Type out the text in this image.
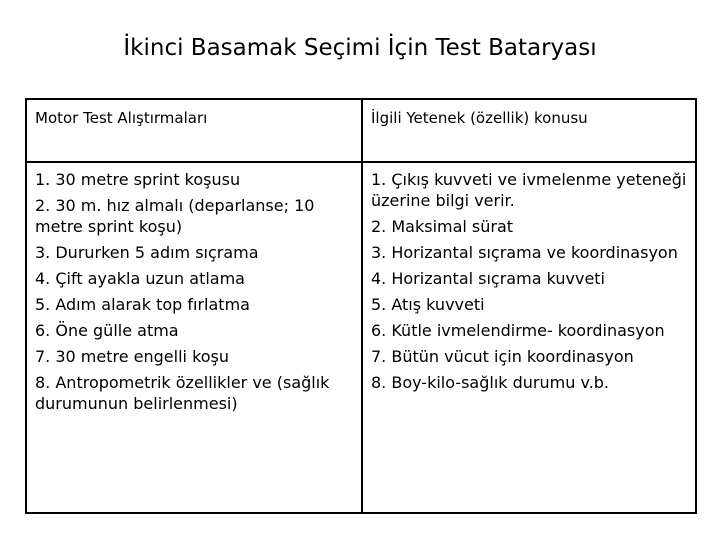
İkinci Basamak Seçimi İçin Test Bataryası
Motor Test Alıştırmaları	İlgili Yetenek (özellik) konusu
1. 30 metre sprint koşusu
2. 30 m. hız almalı (deparlanse; 10 metre sprint koşu)
3. Dururken 5 adım sıçrama
4. Çift ayakla uzun atlama
5. Adım alarak top fırlatma
6. Öne gülle atma
7. 30 metre engelli koşu
8. Antropometrik özellikler ve (sağlık durumunun belirlenmesi)
1. Çıkış kuvveti ve ivmelenme yeteneği üzerine bilgi verir.
2. Maksimal sürat
3. Horizantal sıçrama ve koordinasyon
4. Horizantal sıçrama kuvveti
5. Atış kuvveti
6. Kütle ivmelendirme- koordinasyon
7. Bütün vücut için koordinasyon
8. Boy-kilo-sağlık durumu v.b.
